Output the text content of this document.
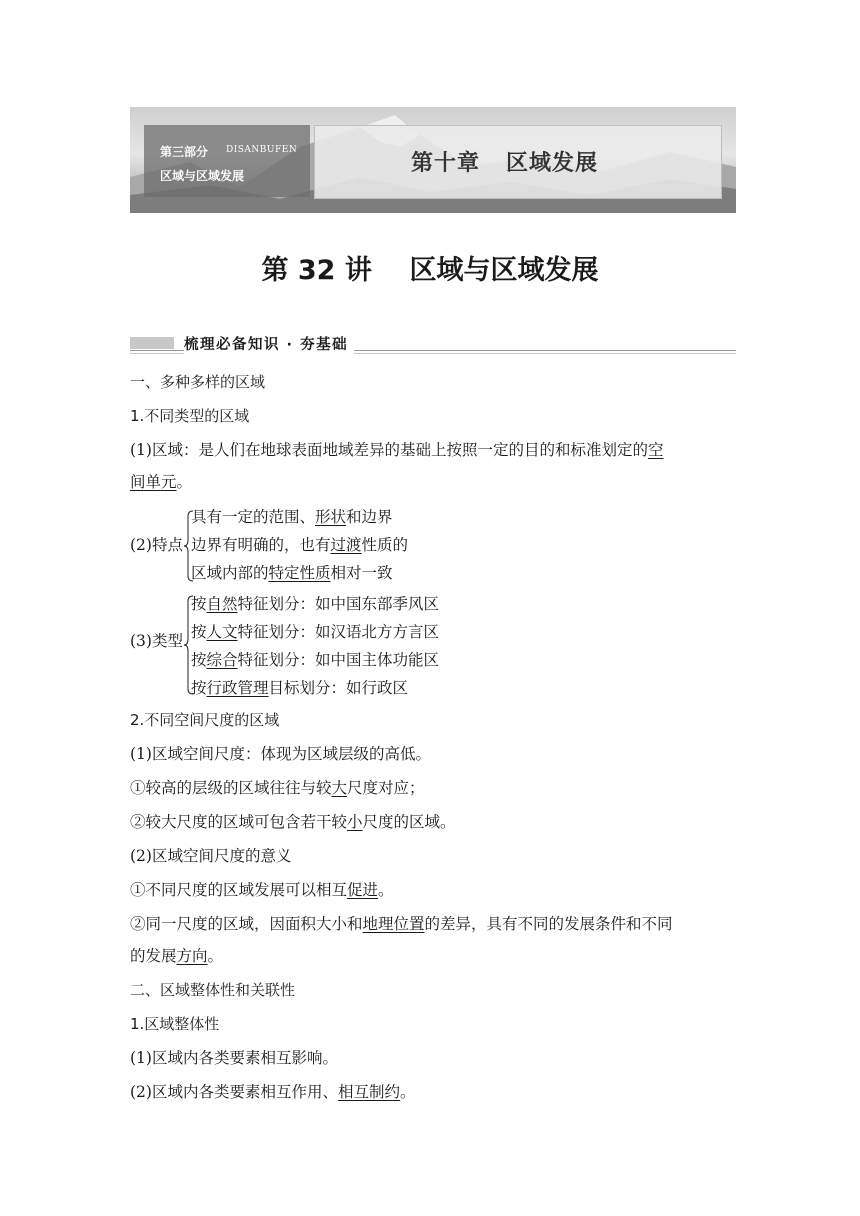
第三部分 DISANBUFEN
区域与区域发展	第十章   区域发展
第 32 讲    区域与区域发展
梳理必备知识 · 夯基础
一、多种多样的区域
1.不同类型的区域
(1)区域：是人们在地球表面地域差异的基础上按照一定的目的和标准划定的空
间单元。
(2)特点
具有一定的范围、形状和边界
边界有明确的，也有过渡性质的
区域内部的特定性质相对一致
(3)类型
按自然特征划分：如中国东部季风区
按人文特征划分：如汉语北方方言区
按综合特征划分：如中国主体功能区
按行政管理目标划分：如行政区
2.不同空间尺度的区域
(1)区域空间尺度：体现为区域层级的高低。
①较高的层级的区域往往与较大尺度对应；
②较大尺度的区域可包含若干较小尺度的区域。
(2)区域空间尺度的意义
①不同尺度的区域发展可以相互促进。
②同一尺度的区域，因面积大小和地理位置的差异，具有不同的发展条件和不同
的发展方向。
二、区域整体性和关联性
1.区域整体性
(1)区域内各类要素相互影响。
(2)区域内各类要素相互作用、相互制约。
